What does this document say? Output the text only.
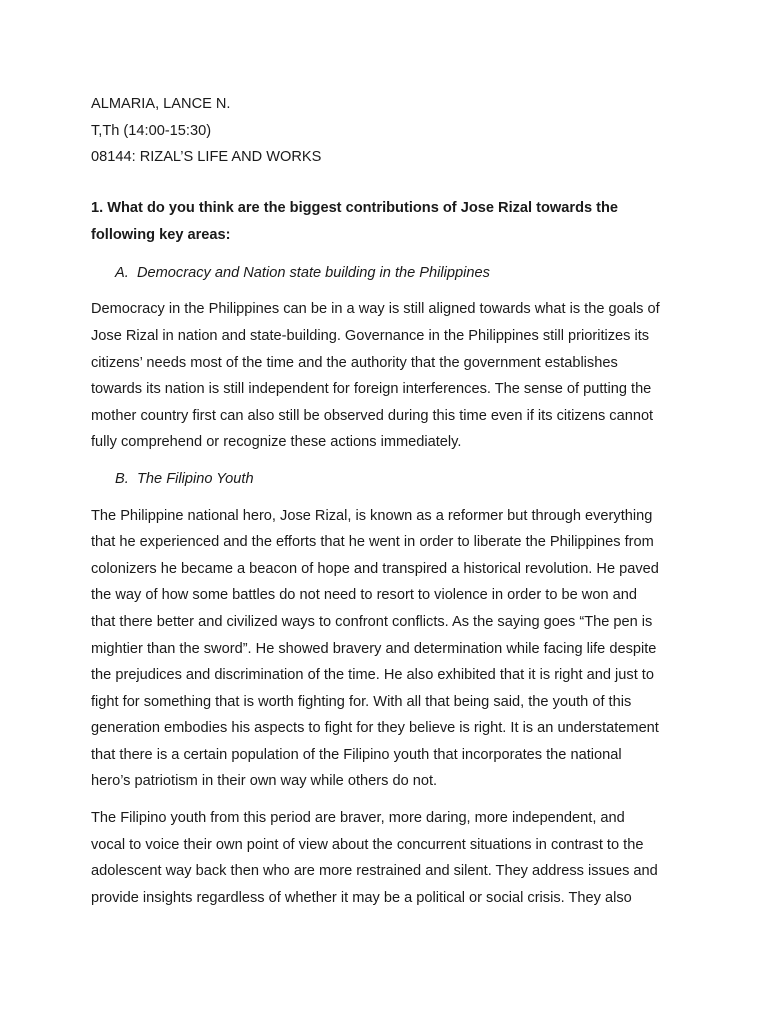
ALMARIA, LANCE N.

T,Th (14:00-15:30)

08144: RIZAL’S LIFE AND WORKS

1. What do you think are the biggest contributions of Jose Rizal towards the
following key areas:

A. Democracy and Nation state building in the Philippines

Democracy in the Philippines can be in a way is still aligned towards what is the goals of
Jose Rizal in nation and state-building. Governance in the Philippines still prioritizes its
citizens’ needs most of the time and the authority that the government establishes
towards its nation is still independent for foreign interferences. The sense of putting the
mother country first can also still be observed during this time even if its citizens cannot
fully comprehend or recognize these actions immediately.

B. The Filipino Youth

The Philippine national hero, Jose Rizal, is known as a reformer but through everything
that he experienced and the efforts that he went in order to liberate the Philippines from
colonizers he became a beacon of hope and transpired a historical revolution. He paved
the way of how some battles do not need to resort to violence in order to be won and
that there better and civilized ways to confront conflicts. As the saying goes “The pen is
mightier than the sword”. He showed bravery and determination while facing life despite
the prejudices and discrimination of the time. He also exhibited that it is right and just to
fight for something that is worth fighting for. With all that being said, the youth of this
generation embodies his aspects to fight for they believe is right. It is an understatement
that there is a certain population of the Filipino youth that incorporates the national
hero’s patriotism in their own way while others do not.

The Filipino youth from this period are braver, more daring, more independent, and
vocal to voice their own point of view about the concurrent situations in contrast to the
adolescent way back then who are more restrained and silent. They address issues and
provide insights regardless of whether it may be a political or social crisis. They also
